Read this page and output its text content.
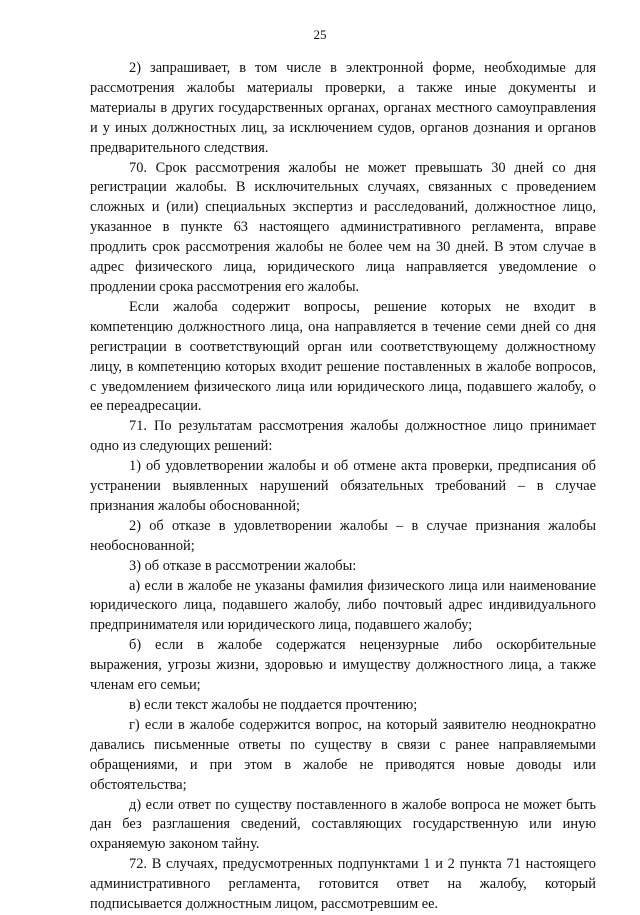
25

2) запрашивает, в том числе в электронной форме, необходимые для рассмотрения жалобы материалы проверки, а также иные документы и материалы в других государственных органах, органах местного самоуправления и у иных должностных лиц, за исключением судов, органов дознания и органов предварительного следствия.

70. Срок рассмотрения жалобы не может превышать 30 дней со дня регистрации жалобы. В исключительных случаях, связанных с проведением сложных и (или) специальных экспертиз и расследований, должностное лицо, указанное в пункте 63 настоящего административного регламента, вправе продлить срок рассмотрения жалобы не более чем на 30 дней. В этом случае в адрес физического лица, юридического лица направляется уведомление о продлении срока рассмотрения его жалобы.

Если жалоба содержит вопросы, решение которых не входит в компетенцию должностного лица, она направляется в течение семи дней со дня регистрации в соответствующий орган или соответствующему должностному лицу, в компетенцию которых входит решение поставленных в жалобе вопросов, с уведомлением физического лица или юридического лица, подавшего жалобу, о ее переадресации.

71. По результатам рассмотрения жалобы должностное лицо принимает одно из следующих решений:

1) об удовлетворении жалобы и об отмене акта проверки, предписания об устранении выявленных нарушений обязательных требований – в случае признания жалобы обоснованной;

2) об отказе в удовлетворении жалобы – в случае признания жалобы необоснованной;

3) об отказе в рассмотрении жалобы:

а) если в жалобе не указаны фамилия физического лица или наименование юридического лица, подавшего жалобу, либо почтовый адрес индивидуального предпринимателя или юридического лица, подавшего жалобу;

б) если в жалобе содержатся нецензурные либо оскорбительные выражения, угрозы жизни, здоровью и имуществу должностного лица, а также членам его семьи;

в) если текст жалобы не поддается прочтению;

г) если в жалобе содержится вопрос, на который заявителю неоднократно давались письменные ответы по существу в связи с ранее направляемыми обращениями, и при этом в жалобе не приводятся новые доводы или обстоятельства;

д) если ответ по существу поставленного в жалобе вопроса не может быть дан без разглашения сведений, составляющих государственную или иную охраняемую законом тайну.

72. В случаях, предусмотренных подпунктами 1 и 2 пункта 71 настоящего административного регламента, готовится ответ на жалобу, который подписывается должностным лицом, рассмотревшим ее.
